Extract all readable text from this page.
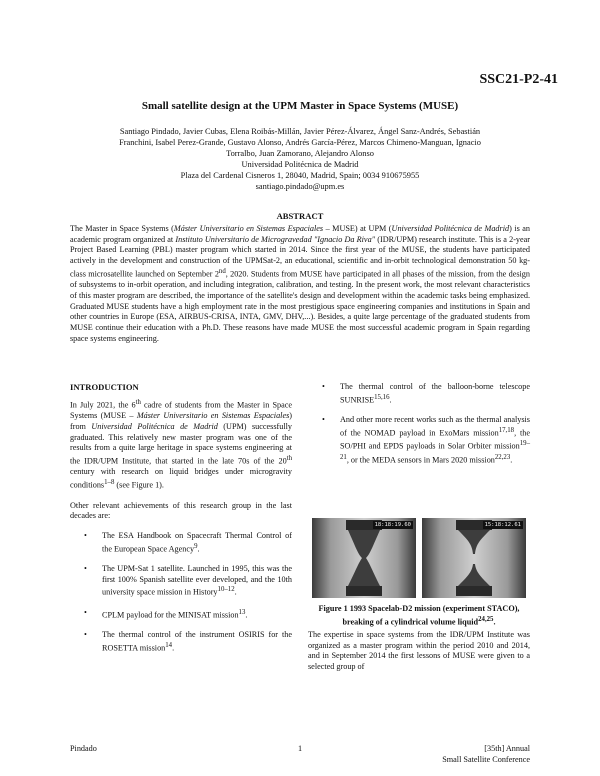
SSC21-P2-41
Small satellite design at the UPM Master in Space Systems (MUSE)
Santiago Pindado, Javier Cubas, Elena Roibás-Millán, Javier Pérez-Álvarez, Ángel Sanz-Andrés, Sebastián
Franchini, Isabel Perez-Grande, Gustavo Alonso, Andrés García-Pérez, Marcos Chimeno-Manguan, Ignacio
Torralbo, Juan Zamorano, Alejandro Alonso
Universidad Politécnica de Madrid
Plaza del Cardenal Cisneros 1, 28040, Madrid, Spain; 0034 910675955
santiago.pindado@upm.es
ABSTRACT
The Master in Space Systems (Máster Universitario en Sistemas Espaciales – MUSE) at UPM (Universidad Politécnica de Madrid) is an academic program organized at Instituto Universitario de Microgravedad "Ignacio Da Riva" (IDR/UPM) research institute. This is a 2-year Project Based Learning (PBL) master program which started in 2014. Since the first year of the MUSE, the students have participated actively in the development and construction of the UPMSat-2, an educational, scientific and in-orbit technological demonstration 50 kg-class microsatellite launched on September 2nd, 2020. Students from MUSE have participated in all phases of the mission, from the design of subsystems to in-orbit operation, and including integration, calibration, and testing. In the present work, the most relevant characteristics of this master program are described, the importance of the satellite's design and development within the academic tasks being emphasized. Graduated MUSE students have a high employment rate in the most prestigious space engineering companies and institutions in Spain and other countries in Europe (ESA, AIRBUS-CRISA, INTA, GMV, DHV,...). Besides, a quite large percentage of the graduated students from MUSE continue their education with a Ph.D. These reasons have made MUSE the most successful academic program in Spain regarding space systems engineering.
INTRODUCTION

In July 2021, the 6th cadre of students from the Master in Space Systems (MUSE – Máster Universitario en Sistemas Espaciales) from Universidad Politécnica de Madrid (UPM) successfully graduated. This relatively new master program was one of the results from a quite large heritage in space systems engineering at the IDR/UPM Institute, that started in the late 70s of the 20th century with research on liquid bridges under microgravity conditions$^{1-8}$ (see Figure 1).

Other relevant achievements of this research group in the last decades are:

• The ESA Handbook on Spacecraft Thermal Control of the European Space Agency$^9$.
• The UPM-Sat 1 satellite. Launched in 1995, this was the first 100% Spanish satellite ever developed, and the 10th university space mission in History$^{10-12}$.
• CPLM payload for the MINISAT mission$^{13}$.
• The thermal control of the instrument OSIRIS for the ROSETTA mission$^{14}$.
• The thermal control of the balloon-borne telescope SUNRISE$^{15,16}$.
• And other more recent works such as the thermal analysis of the NOMAD payload in ExoMars mission$^{17,18}$, the SO/PHI and EPDS payloads in Solar Orbiter mission$^{19-21}$, or the MEDA sensors in Mars 2020 mission$^{22,23}$.
18:18:19.60	15:18:12.61
Figure 1 1993 Spacelab-D2 mission (experiment STACO), breaking of a cylindrical volume liquid$^{24,25}$.

The expertise in space systems from the IDR/UPM Institute was organized as a master program within the period 2010 and 2014, and in September 2014 the first lessons of MUSE were given to a selected group of

Pindado	1	[35th] Annual
Small Satellite Conference
